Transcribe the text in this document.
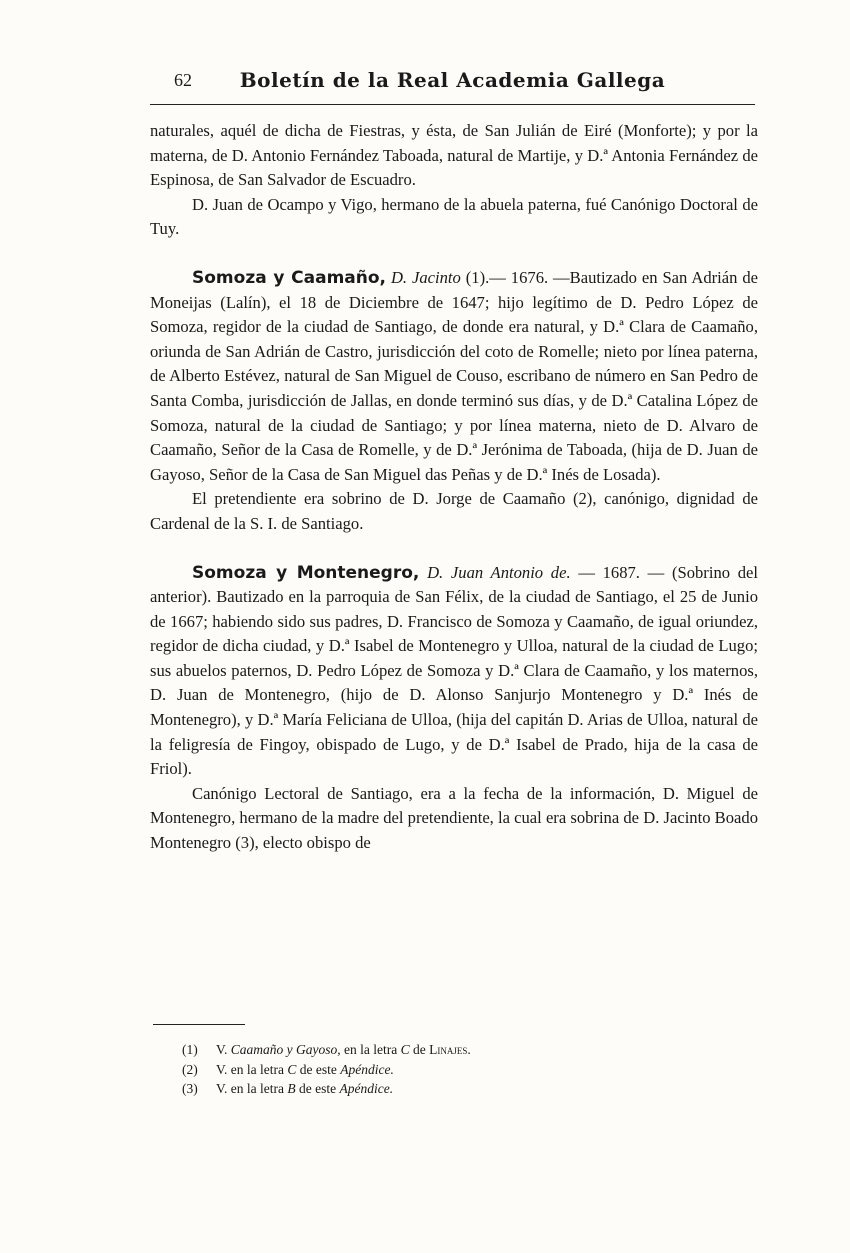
62	Boletín de la Real Academia Gallega

naturales, aquél de dicha de Fiestras, y ésta, de San Julián de Eiré (Monforte); y por la materna, de D. Antonio Fernández Taboada, natural de Martije, y D.ª Antonia Fernández de Espinosa, de San Salvador de Escuadro.

D. Juan de Ocampo y Vigo, hermano de la abuela paterna, fué Canónigo Doctoral de Tuy.

Somoza y Caamaño, D. Jacinto (1).— 1676. —Bautizado en San Adrián de Moneijas (Lalín), el 18 de Diciembre de 1647; hijo legítimo de D. Pedro López de Somoza, regidor de la ciudad de Santiago, de donde era natural, y D.ª Clara de Caamaño, oriunda de San Adrián de Castro, jurisdicción del coto de Romelle; nieto por línea paterna, de Alberto Estévez, natural de San Miguel de Couso, escribano de número en San Pedro de Santa Comba, jurisdicción de Jallas, en donde terminó sus días, y de D.ª Catalina López de Somoza, natural de la ciudad de Santiago; y por línea materna, nieto de D. Alvaro de Caamaño, Señor de la Casa de Romelle, y de D.ª Jerónima de Taboada, (hija de D. Juan de Gayoso, Señor de la Casa de San Miguel das Peñas y de D.ª Inés de Losada).

El pretendiente era sobrino de D. Jorge de Caamaño (2), canónigo, dignidad de Cardenal de la S. I. de Santiago.

Somoza y Montenegro, D. Juan Antonio de. — 1687. — (Sobrino del anterior). Bautizado en la parroquia de San Félix, de la ciudad de Santiago, el 25 de Junio de 1667; habiendo sido sus padres, D. Francisco de Somoza y Caamaño, de igual oriundez, regidor de dicha ciudad, y D.ª Isabel de Montenegro y Ulloa, natural de la ciudad de Lugo; sus abuelos paternos, D. Pedro López de Somoza y D.ª Clara de Caamaño, y los maternos, D. Juan de Montenegro, (hijo de D. Alonso Sanjurjo Montenegro y D.ª Inés de Montenegro), y D.ª María Feliciana de Ulloa, (hija del capitán D. Arias de Ulloa, natural de la feligresía de Fingoy, obispado de Lugo, y de D.ª Isabel de Prado, hija de la casa de Friol).

Canónigo Lectoral de Santiago, era a la fecha de la información, D. Miguel de Montenegro, hermano de la madre del pretendiente, la cual era sobrina de D. Jacinto Boado Montenegro (3), electo obispo de

(1) V. Caamaño y Gayoso, en la letra C de Linajes.
(2) V. en la letra C de este Apéndice.
(3) V. en la letra B de este Apéndice.
